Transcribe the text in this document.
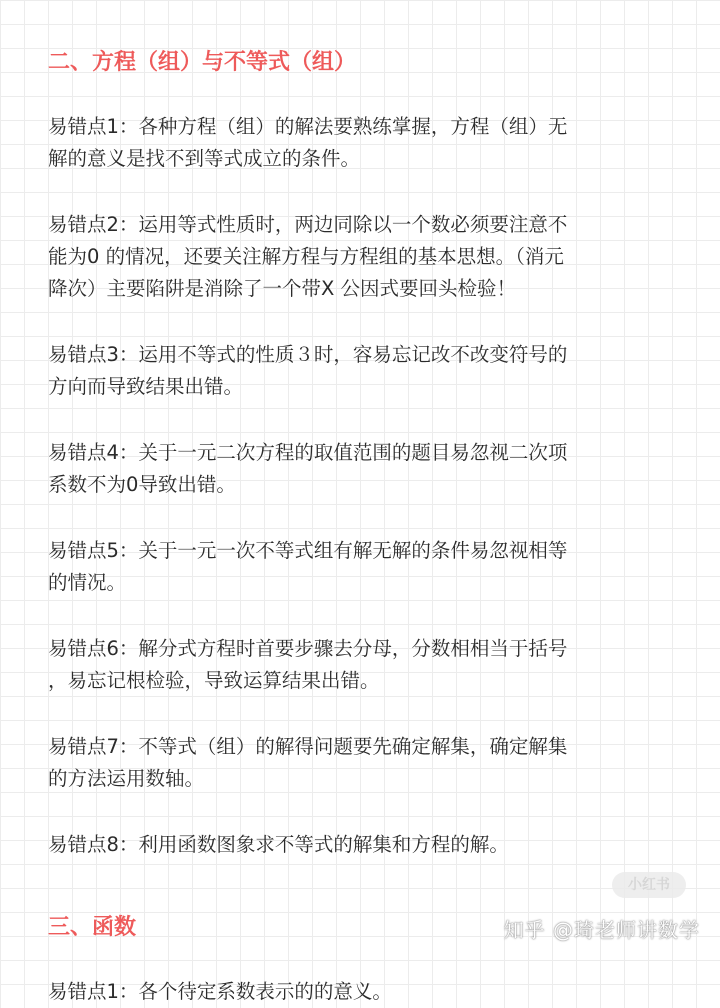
二、方程（组）与不等式（组）

易错点1：各种方程（组）的解法要熟练掌握，方程（组）无

解的意义是找不到等式成立的条件。

易错点2：运用等式性质时，两边同除以一个数必须要注意不

能为0 的情况，还要关注解方程与方程组的基本思想。（消元

降次）主要陷阱是消除了一个带X 公因式要回头检验！

易错点3：运用不等式的性质３时，容易忘记改不改变符号的

方向而导致结果出错。

易错点4：关于一元二次方程的取值范围的题目易忽视二次项

系数不为0导致出错。

易错点5：关于一元一次不等式组有解无解的条件易忽视相等

的情况。

易错点6：解分式方程时首要步骤去分母，分数相相当于括号

，易忘记根检验，导致运算结果出错。

易错点7：不等式（组）的解得问题要先确定解集，确定解集

的方法运用数轴。

易错点8：利用函数图象求不等式的解集和方程的解。

三、函数

易错点1：各个待定系数表示的的意义。

小红书
知乎 @琦老师讲数学
